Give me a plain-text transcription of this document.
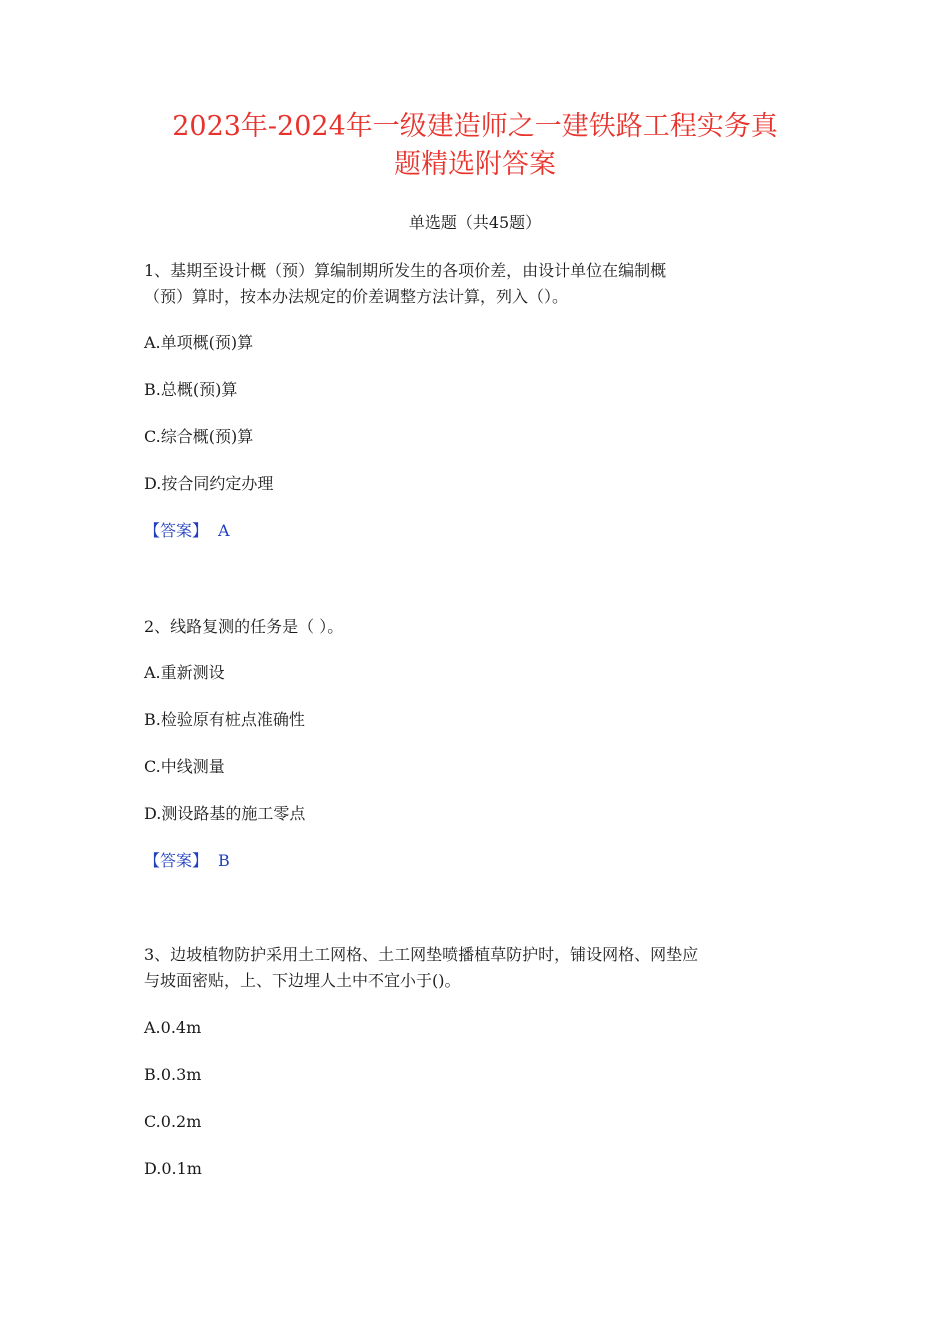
2023年-2024年一级建造师之一建铁路工程实务真
题精选附答案
单选题（共45题）
1、基期至设计概（预）算编制期所发生的各项价差，由设计单位在编制概
（预）算时，按本办法规定的价差调整方法计算，列入（）。
A.单项概(预)算
B.总概(预)算
C.综合概(预)算
D.按合同约定办理
【答案】 A
2、线路复测的任务是（ ）。
A.重新测设
B.检验原有桩点准确性
C.中线测量
D.测设路基的施工零点
【答案】 B
3、边坡植物防护采用土工网格、土工网垫喷播植草防护时，铺设网格、网垫应
与坡面密贴，上、下边埋人土中不宜小于()。
A.0.4m
B.0.3m
C.0.2m
D.0.1m
